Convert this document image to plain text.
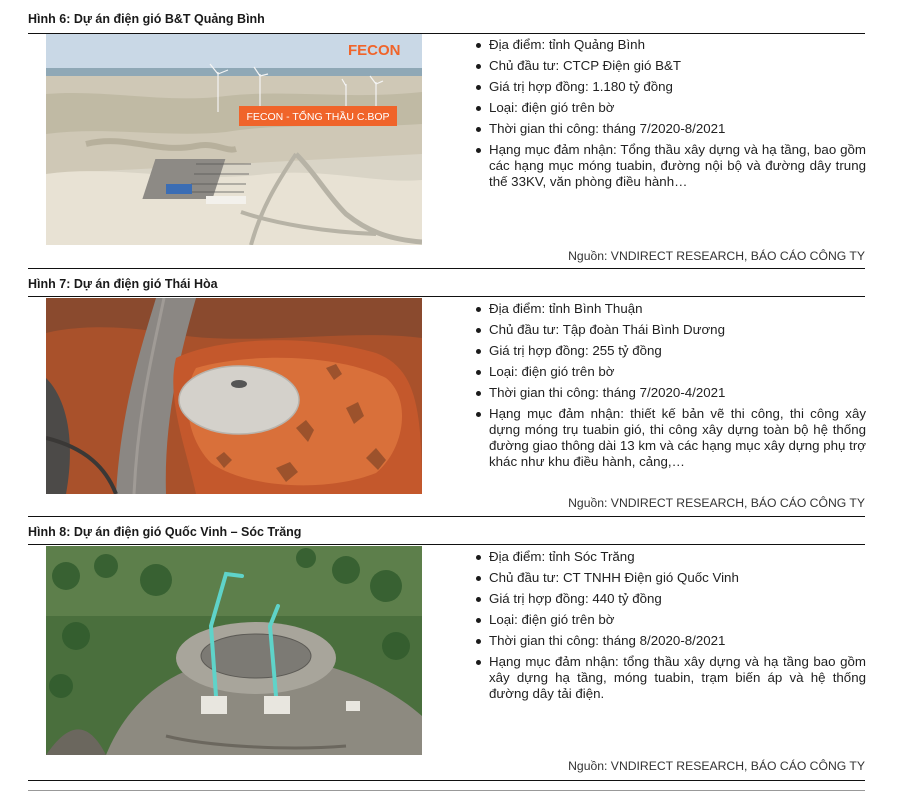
Hình 6: Dự án điện gió B&T Quảng Bình
FECON
FECON - TỔNG THẦU C.BOP
Địa điểm: tỉnh Quảng Bình
Chủ đầu tư: CTCP Điện gió B&T
Giá trị hợp đồng: 1.180 tỷ đồng
Loại: điện gió trên bờ
Thời gian thi công: tháng 7/2020-8/2021
Hạng mục đảm nhận: Tổng thầu xây dựng và hạ tầng, bao gồm các hạng mục móng tuabin, đường nội bộ và đường dây trung thế 33KV, văn phòng điều hành…
Nguồn: VNDIRECT RESEARCH, BÁO CÁO CÔNG TY
Hình 7: Dự án điện gió Thái Hòa
Địa điểm: tỉnh Bình Thuận
Chủ đầu tư: Tập đoàn Thái Bình Dương
Giá trị hợp đồng: 255 tỷ đồng
Loại: điện gió trên bờ
Thời gian thi công: tháng 7/2020-4/2021
Hạng mục đảm nhận: thiết kế bản vẽ thi công, thi công xây dựng móng trụ tuabin gió, thi công xây dựng toàn bộ hệ thống đường giao thông dài 13 km và các hạng mục xây dựng phụ trợ khác như khu điều hành, cảng,…
Nguồn: VNDIRECT RESEARCH, BÁO CÁO CÔNG TY
Hình 8: Dự án điện gió Quốc Vinh – Sóc Trăng
Địa điểm: tỉnh Sóc Trăng
Chủ đầu tư: CT TNHH Điện gió Quốc Vinh
Giá trị hợp đồng: 440 tỷ đồng
Loại: điện gió trên bờ
Thời gian thi công: tháng 8/2020-8/2021
Hạng mục đảm nhận: tổng thầu xây dựng và hạ tầng bao gồm xây dựng hạ tầng, móng tuabin, trạm biến áp và hệ thống đường dây tải điện.
Nguồn: VNDIRECT RESEARCH, BÁO CÁO CÔNG TY
